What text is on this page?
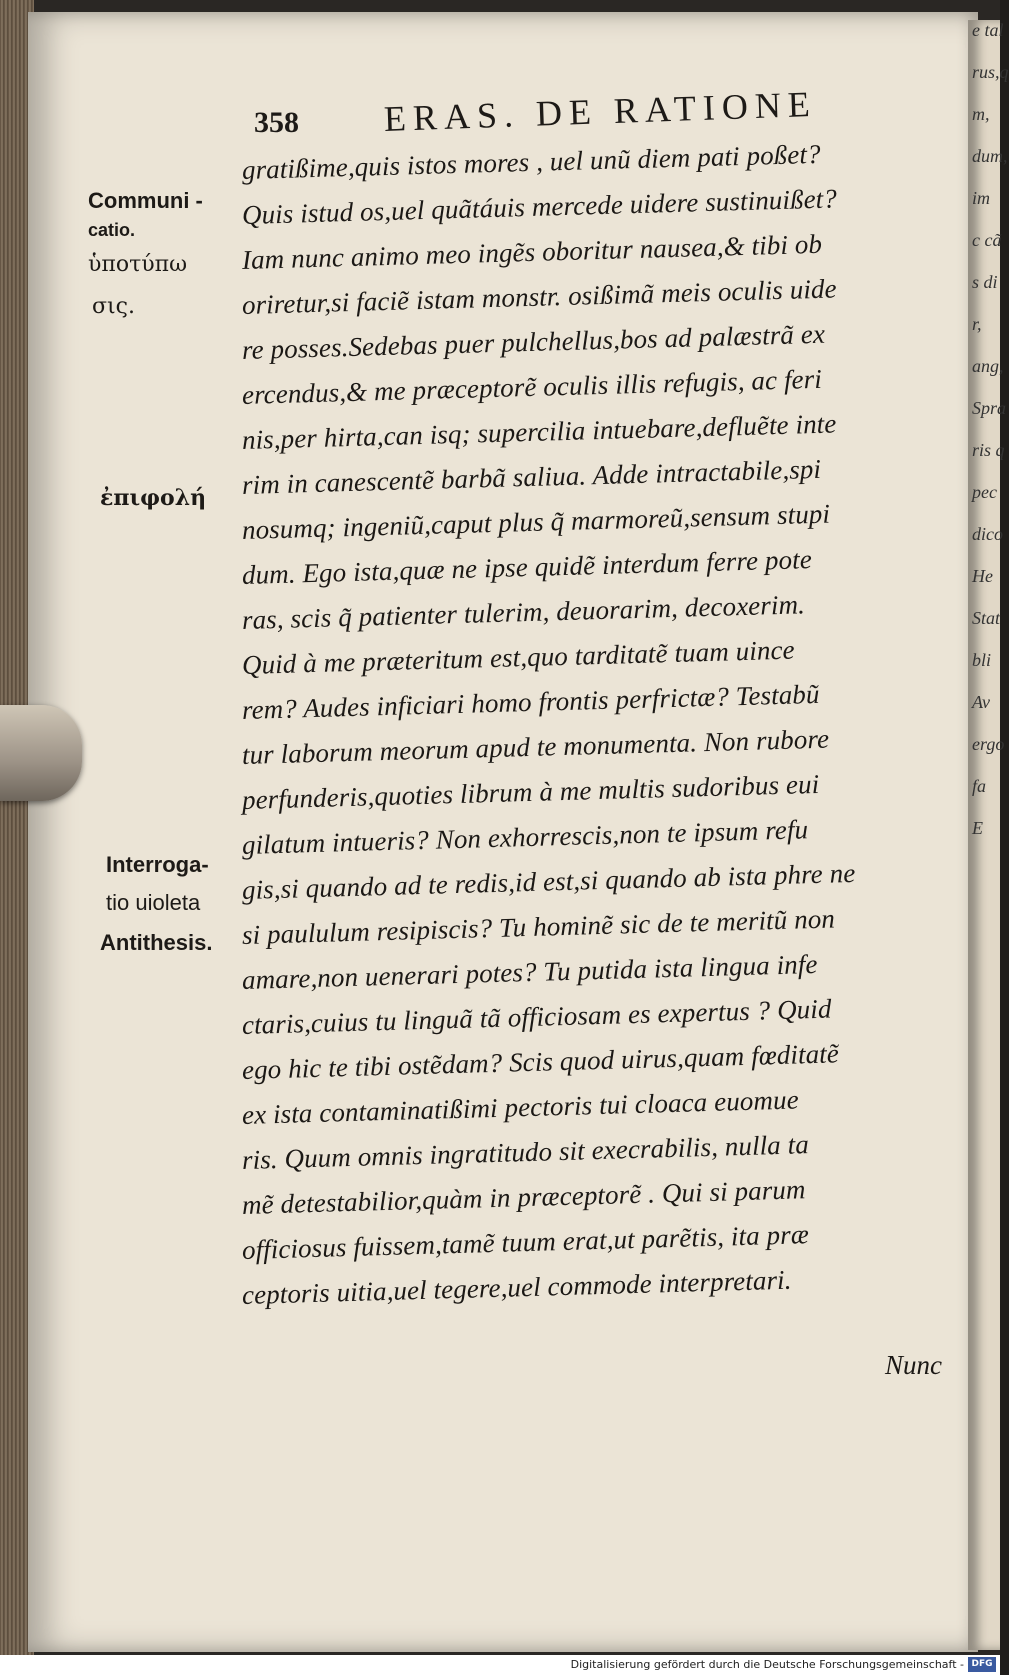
e tal
rus,q
m,
dum,
im
c cã
s di
r,
ang,
Spra
ris q
pec
dico
He
Stat
bli
Av
ergo
fa
E
358 ERAS. DE RATIONE
Communi -
catio.
ὑποτύπω
σις.
ἐπιφολή
Interroga-
tio uioleta
Antithesis.
gratißime,quis istos mores , uel unũ diem pati poßet?
Quis istud os,uel quãtáuis mercede uidere sustinuißet?
Iam nunc animo meo ingẽs oboritur nausea,& tibi ob
oriretur,si faciẽ istam monstr. osißimã meis oculis uide
re posses.Sedebas puer pulchellus,bos ad palæstrã ex
ercendus,& me præceptorẽ oculis illis refugis, ac feri
nis,per hirta,can isq; supercilia intuebare,defluẽte inte
rim in canescentẽ barbã saliua. Adde intractabile,spi
nosumq; ingeniũ,caput plus q̃ marmoreũ,sensum stupi
dum. Ego ista,quæ ne ipse quidẽ interdum ferre pote
ras, scis q̃ patienter tulerim, deuorarim, decoxerim.
Quid à me præteritum est,quo tarditatẽ tuam uince
rem? Audes inficiari homo frontis perfrictæ? Testabũ
tur laborum meorum apud te monumenta. Non rubore
perfunderis,quoties librum à me multis sudoribus eui
gilatum intueris? Non exhorrescis,non te ipsum refu
gis,si quando ad te redis,id est,si quando ab ista phre ne
si paululum resipiscis? Tu hominẽ sic de te meritũ non
amare,non uenerari potes? Tu putida ista lingua infe
ctaris,cuius tu linguã tã officiosam es expertus ? Quid
ego hic te tibi ostẽdam? Scis quod uirus,quam fœditatẽ
ex ista contaminatißimi pectoris tui cloaca euomue
ris. Quum omnis ingratitudo sit execrabilis, nulla ta
mẽ detestabilior,quàm in præceptorẽ . Qui si parum
officiosus fuissem,tamẽ tuum erat,ut parẽtis, ita præ
ceptoris uitia,uel tegere,uel commode interpretari.
Nunc
Digitalisierung gefördert durch die Deutsche Forschungsgemeinschaft - DFG
